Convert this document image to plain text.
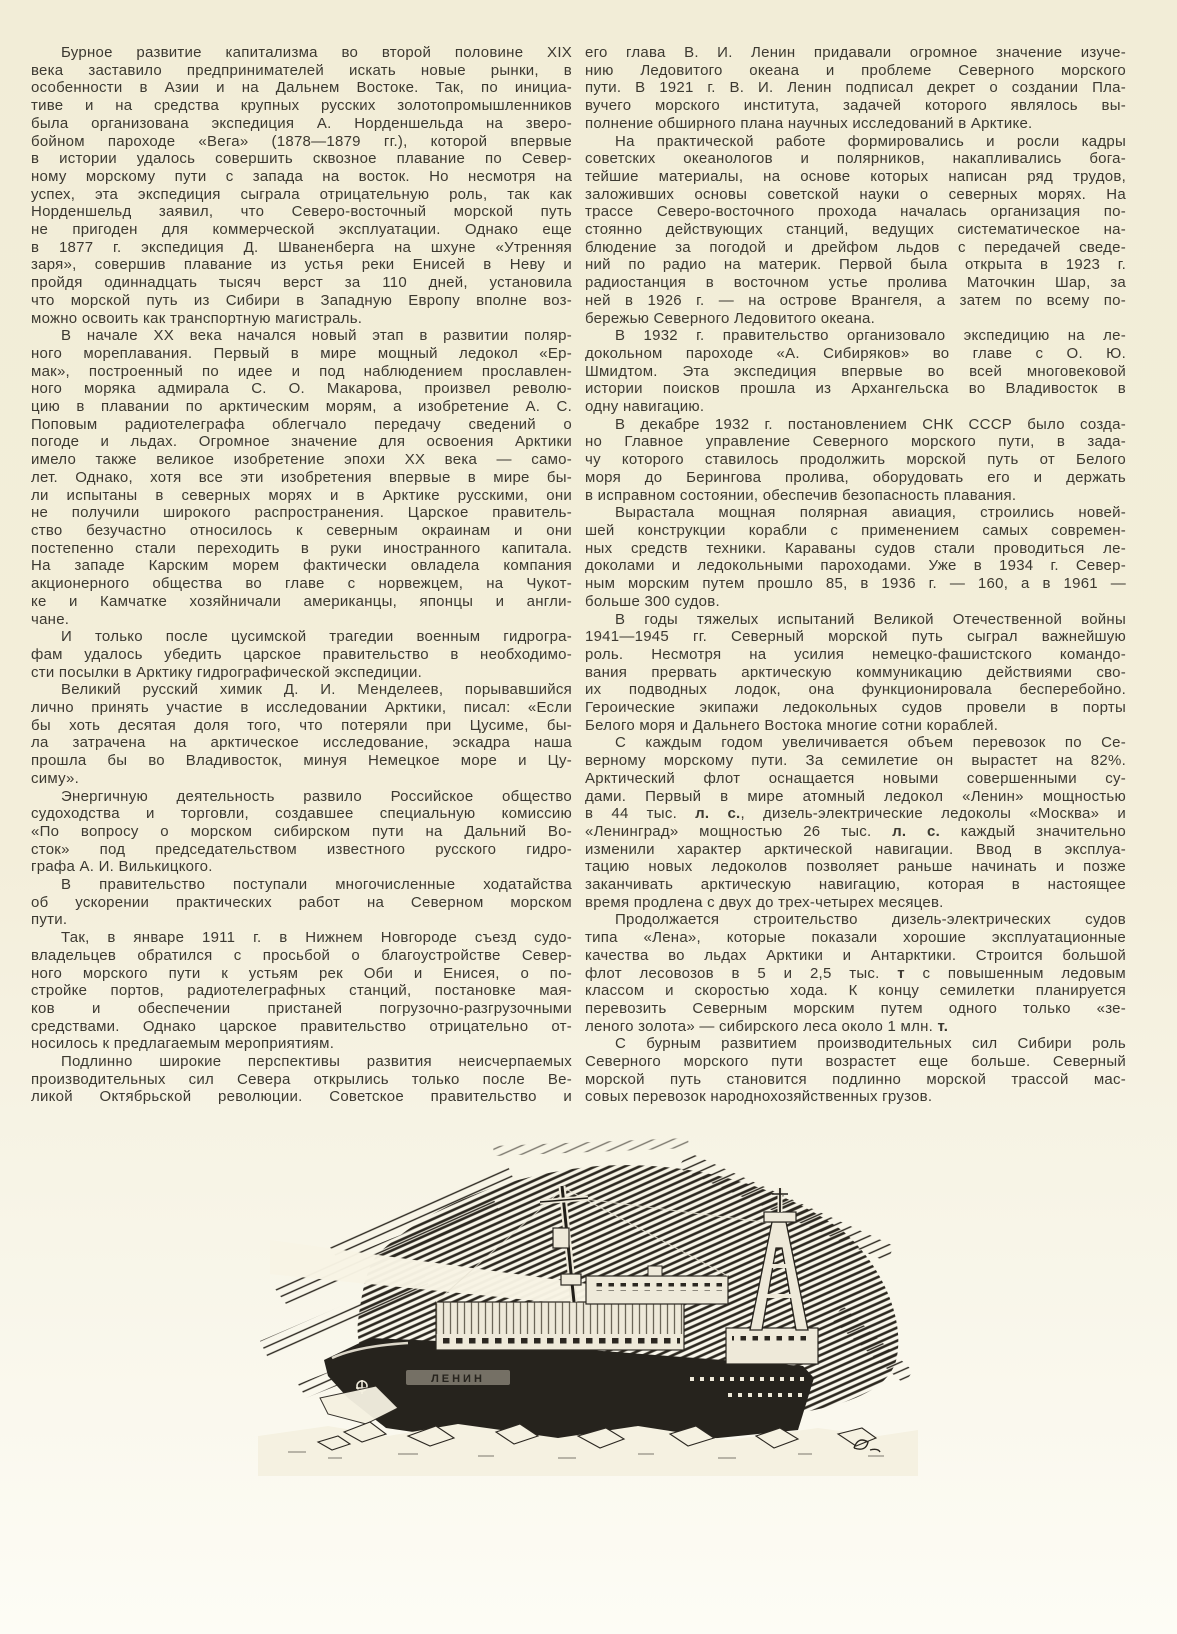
Бурное развитие капитализма во второй половине XIX
века заставило предпринимателей искать новые рынки, в
особенности в Азии и на Дальнем Востоке. Так, по инициа-
тиве и на средства крупных русских золотопромышленников
была организована экспедиция А. Норденшельда на зверо-
бойном пароходе «Вега» (1878—1879 гг.), которой впервые
в истории удалось совершить сквозное плавание по Север-
ному морскому пути с запада на восток. Но несмотря на
успех, эта экспедиция сыграла отрицательную роль, так как
Норденшельд заявил, что Северо-восточный морской путь
не пригоден для коммерческой эксплуатации. Однако еще
в 1877 г. экспедиция Д. Шваненберга на шхуне «Утренняя
заря», совершив плавание из устья реки Енисей в Неву и
пройдя одиннадцать тысяч верст за 110 дней, установила
что морской путь из Сибири в Западную Европу вполне воз-
можно освоить как транспортную магистраль.
В начале XX века начался новый этап в развитии поляр-
ного мореплавания. Первый в мире мощный ледокол «Ер-
мак», построенный по идее и под наблюдением прославлен-
ного моряка адмирала С. О. Макарова, произвел револю-
цию в плавании по арктическим морям, а изобретение А. С.
Поповым радиотелеграфа облегчало передачу сведений о
погоде и льдах. Огромное значение для освоения Арктики
имело также великое изобретение эпохи XX века — само-
лет. Однако, хотя все эти изобретения впервые в мире бы-
ли испытаны в северных морях и в Арктике русскими, они
не получили широкого распространения. Царское правитель-
ство безучастно относилось к северным окраинам и они
постепенно стали переходить в руки иностранного капитала.
На западе Карским морем фактически овладела компания
акционерного общества во главе с норвежцем, на Чукот-
ке и Камчатке хозяйничали американцы, японцы и англи-
чане.
И только после цусимской трагедии военным гидрогра-
фам удалось убедить царское правительство в необходимо-
сти посылки в Арктику гидрографической экспедиции.
Великий русский химик Д. И. Менделеев, порывавшийся
лично принять участие в исследовании Арктики, писал: «Если
бы хоть десятая доля того, что потеряли при Цусиме, бы-
ла затрачена на арктическое исследование, эскадра наша
прошла бы во Владивосток, минуя Немецкое море и Цу-
симу».
Энергичную деятельность развило Российское общество
судоходства и торговли, создавшее специальную комиссию
«По вопросу о морском сибирском пути на Дальний Во-
сток» под председательством известного русского гидро-
графа А. И. Вилькицкого.
В правительство поступали многочисленные ходатайства
об ускорении практических работ на Северном морском
пути.
Так, в январе 1911 г. в Нижнем Новгороде съезд судо-
владельцев обратился с просьбой о благоустройстве Север-
ного морского пути к устьям рек Оби и Енисея, о по-
стройке портов, радиотелеграфных станций, постановке мая-
ков и обеспечении пристаней погрузочно-разгрузочными
средствами. Однако царское правительство отрицательно от-
носилось к предлагаемым мероприятиям.
Подлинно широкие перспективы развития неисчерпаемых
производительных сил Севера открылись только после Ве-
ликой Октябрьской революции. Советское правительство и
его глава В. И. Ленин придавали огромное значение изуче-
нию Ледовитого океана и проблеме Северного морского
пути. В 1921 г. В. И. Ленин подписал декрет о создании Пла-
вучего морского института, задачей которого являлось вы-
полнение обширного плана научных исследований в Арктике.
На практической работе формировались и росли кадры
советских океанологов и полярников, накапливались бога-
тейшие материалы, на основе которых написан ряд трудов,
заложивших основы советской науки о северных морях. На
трассе Северо-восточного прохода началась организация по-
стоянно действующих станций, ведущих систематическое на-
блюдение за погодой и дрейфом льдов с передачей сведе-
ний по радио на материк. Первой была открыта в 1923 г.
радиостанция в восточном устье пролива Маточкин Шар, за
ней в 1926 г. — на острове Врангеля, а затем по всему по-
бережью Северного Ледовитого океана.
В 1932 г. правительство организовало экспедицию на ле-
докольном пароходе «А. Сибиряков» во главе с О. Ю.
Шмидтом. Эта экспедиция впервые во всей многовековой
истории поисков прошла из Архангельска во Владивосток в
одну навигацию.
В декабре 1932 г. постановлением СНК СССР было созда-
но Главное управление Северного морского пути, в зада-
чу которого ставилось продолжить морской путь от Белого
моря до Берингова пролива, оборудовать его и держать
в исправном состоянии, обеспечив безопасность плавания.
Вырастала мощная полярная авиация, строились новей-
шей конструкции корабли с применением самых современ-
ных средств техники. Караваны судов стали проводиться ле-
доколами и ледокольными пароходами. Уже в 1934 г. Север-
ным морским путем прошло 85, в 1936 г. — 160, а в 1961 —
больше 300 судов.
В годы тяжелых испытаний Великой Отечественной войны
1941—1945 гг. Северный морской путь сыграл важнейшую
роль. Несмотря на усилия немецко-фашистского командо-
вания прервать арктическую коммуникацию действиями сво-
их подводных лодок, она функционировала бесперебойно.
Героические экипажи ледокольных судов провели в порты
Белого моря и Дальнего Востока многие сотни кораблей.
С каждым годом увеличивается объем перевозок по Се-
верному морскому пути. За семилетие он вырастет на 82%.
Арктический флот оснащается новыми совершенными су-
дами. Первый в мире атомный ледокол «Ленин» мощностью
в 44 тыс. л. с., дизель-электрические ледоколы «Москва» и
«Ленинград» мощностью 26 тыс. л. с. каждый значительно
изменили характер арктической навигации. Ввод в эксплуа-
тацию новых ледоколов позволяет раньше начинать и позже
заканчивать арктическую навигацию, которая в настоящее
время продлена с двух до трех-четырех месяцев.
Продолжается строительство дизель-электрических судов
типа «Лена», которые показали хорошие эксплуатационные
качества во льдах Арктики и Антарктики. Строится большой
флот лесовозов в 5 и 2,5 тыс. т с повышенным ледовым
классом и скоростью хода. К концу семилетки планируется
перевозить Северным морским путем одного только «зе-
леного золота» — сибирского леса около 1 млн. т.
С бурным развитием производительных сил Сибири роль
Северного морского пути возрастет еще больше. Северный
морской путь становится подлинно морской трассой мас-
совых перевозок народнохозяйственных грузов.
ЛЕНИН
